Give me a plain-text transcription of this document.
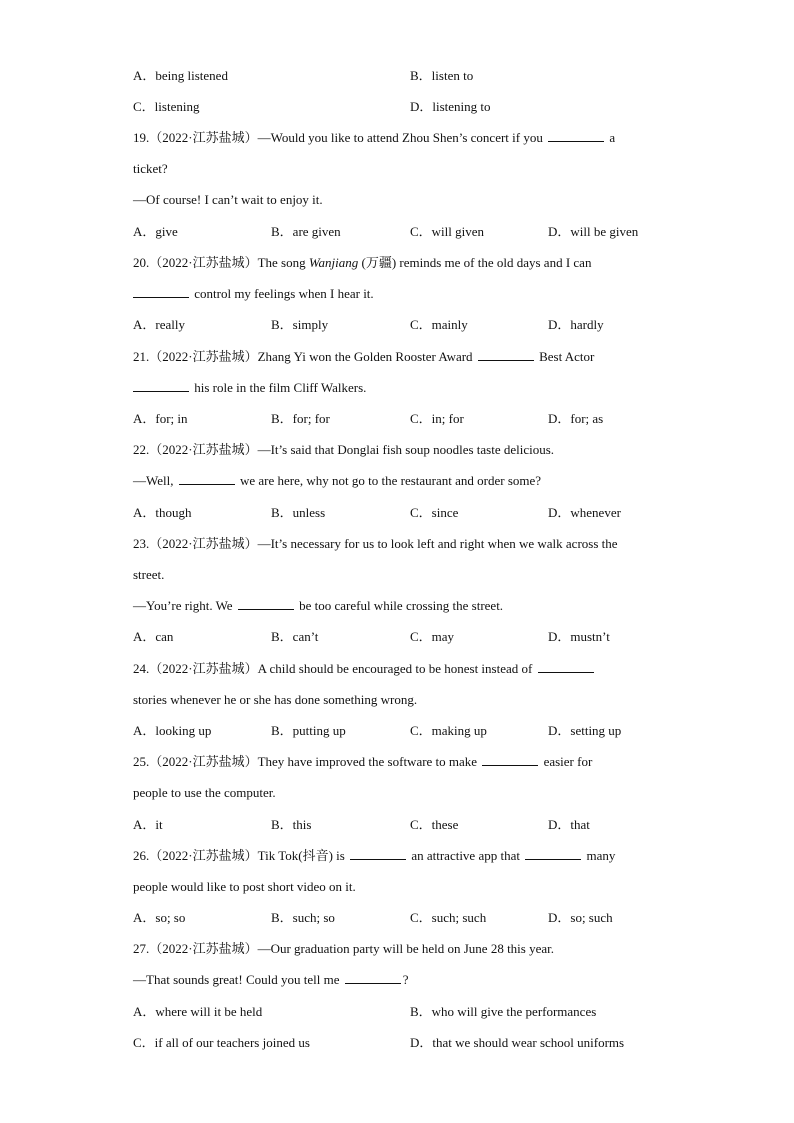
A．being listened	B．listen to
C．listening	D．listening to
19.（2022·江苏盐城）—Would you like to attend Zhou Shen’s concert if you	a
ticket?
—Of course! I can’t wait to enjoy it.
A．give	B．are given	C．will given	D．will be given
20.（2022·江苏盐城）The song Wanjiang (万疆) reminds me of the old days and I can
control my feelings when I hear it.
A．really	B．simply	C．mainly	D．hardly
21.（2022·江苏盐城）Zhang Yi won the Golden Rooster Award	Best Actor
his role in the film Cliff Walkers.
A．for; in	B．for; for	C．in; for	D．for; as
22.（2022·江苏盐城）—It’s said that Donglai fish soup noodles taste delicious.
—Well,	we are here, why not go to the restaurant and order some?
A．though	B．unless	C．since	D．whenever
23.（2022·江苏盐城）—It’s necessary for us to look left and right when we walk across the
street.
—You’re right. We	be too careful while crossing the street.
A．can	B．can’t	C．may	D．mustn’t
24.（2022·江苏盐城）A child should be encouraged to be honest instead of
stories whenever he or she has done something wrong.
A．looking up	B．putting up	C．making up	D．setting up
25.（2022·江苏盐城）They have improved the software to make	easier for
people to use the computer.
A．it	B．this	C．these	D．that
26.（2022·江苏盐城）Tik Tok(抖音) is	an attractive app that	many
people would like to post short video on it.
A．so; so	B．such; so	C．such; such	D．so; such
27.（2022·江苏盐城）—Our graduation party will be held on June 28 this year.
—That sounds great! Could you tell me	?
A．where will it be held	B．who will give the performances
C．if all of our teachers joined us	D．that we should wear school uniforms
